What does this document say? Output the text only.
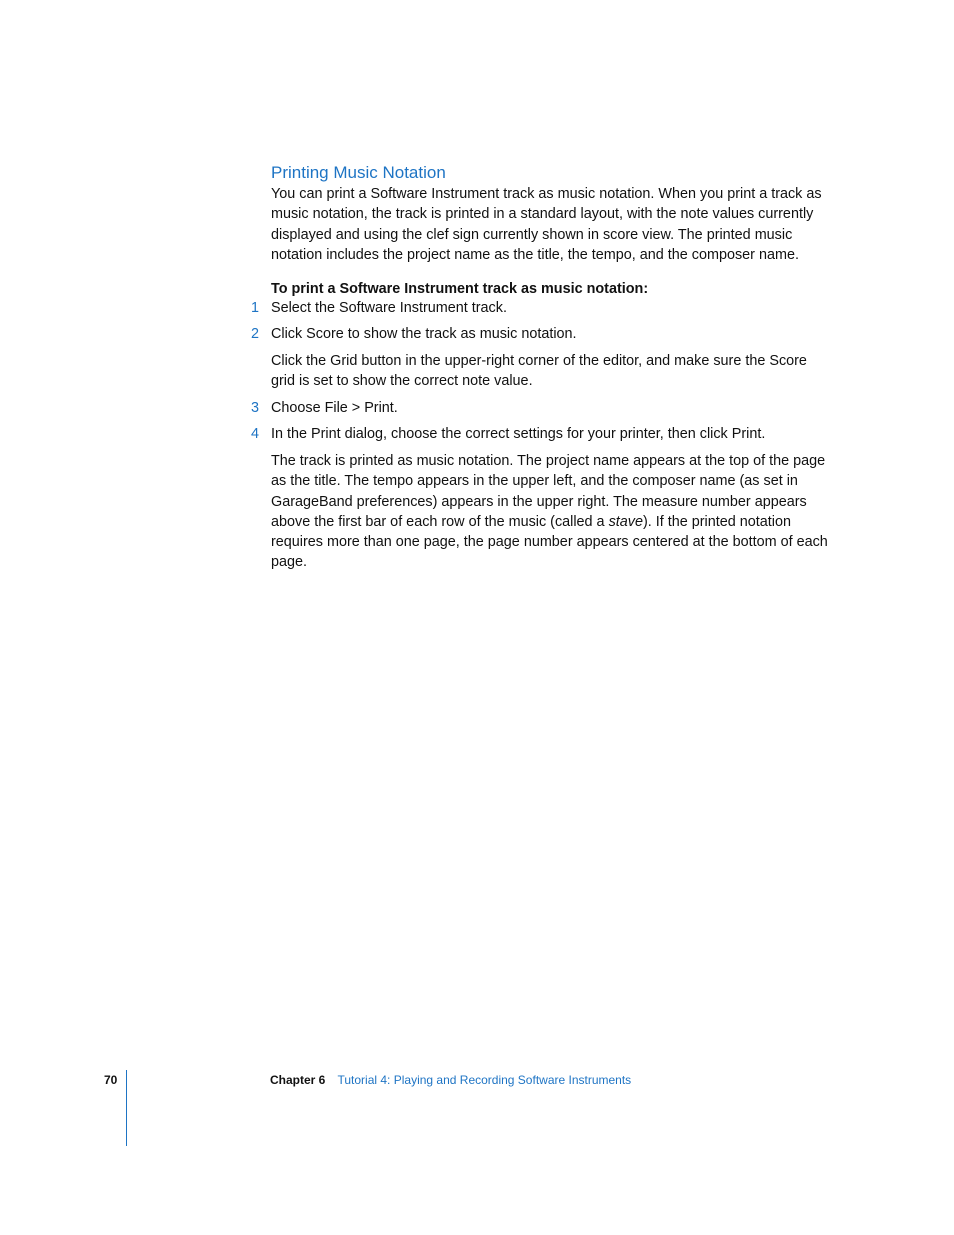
Printing Music Notation

You can print a Software Instrument track as music notation. When you print a track as music notation, the track is printed in a standard layout, with the note values currently displayed and using the clef sign currently shown in score view. The printed music notation includes the project name as the title, the tempo, and the composer name.

To print a Software Instrument track as music notation:

1 Select the Software Instrument track.
2 Click Score to show the track as music notation.

Click the Grid button in the upper-right corner of the editor, and make sure the Score grid is set to show the correct note value.

3 Choose File > Print.
4 In the Print dialog, choose the correct settings for your printer, then click Print.

The track is printed as music notation. The project name appears at the top of the page as the title. The tempo appears in the upper left, and the composer name (as set in GarageBand preferences) appears in the upper right. The measure number appears above the first bar of each row of the music (called a stave). If the printed notation requires more than one page, the page number appears centered at the bottom of each page.

70	Chapter 6 Tutorial 4: Playing and Recording Software Instruments
